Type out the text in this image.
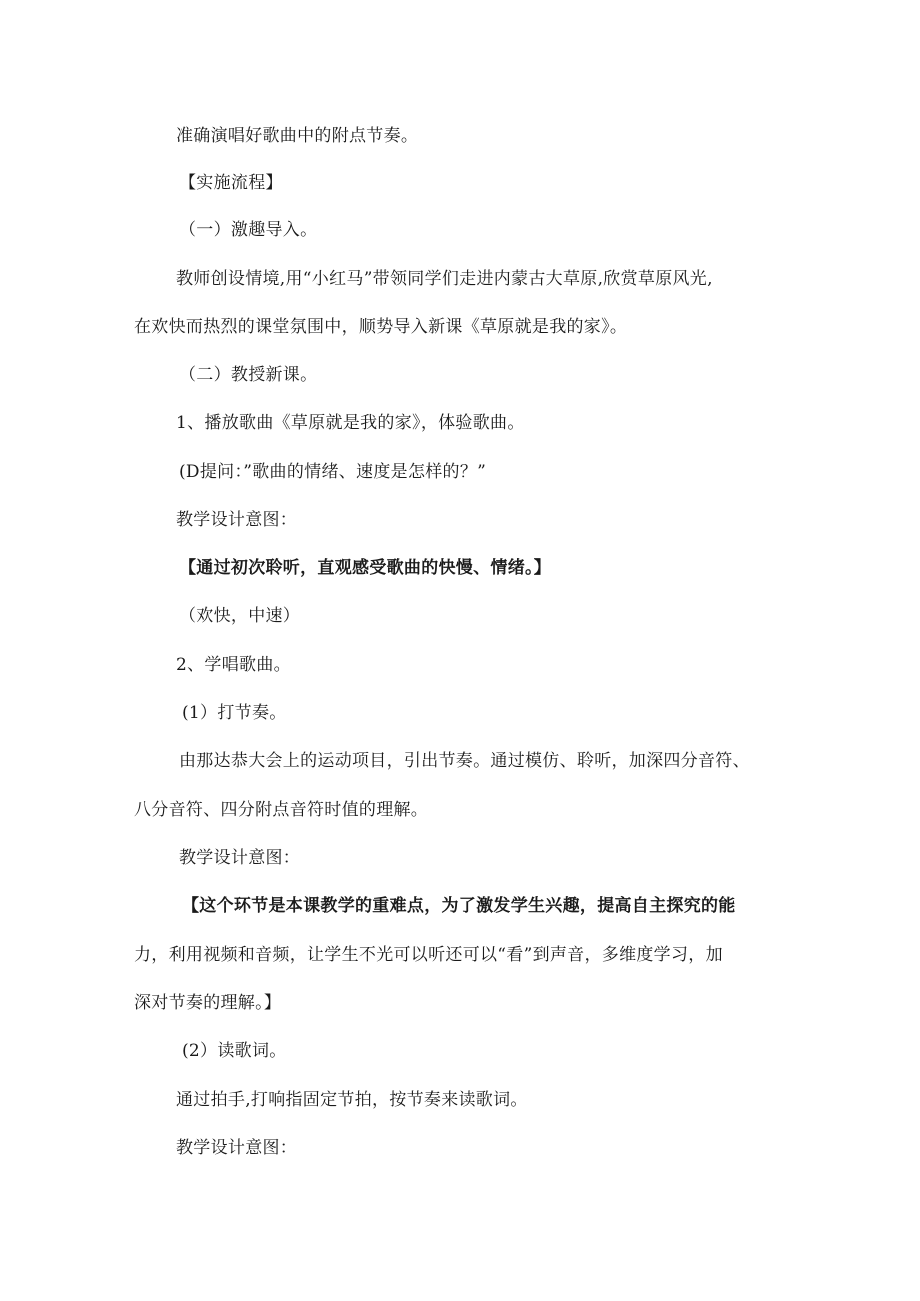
准确演唱好歌曲中的附点节奏。

【实施流程】

（一）激趣导入。

教师创设情境,用“小红马”带领同学们走进内蒙古大草原,欣赏草原风光,

在欢快而热烈的课堂氛围中，顺势导入新课《草原就是我的家》。

（二）教授新课。

1、播放歌曲《草原就是我的家》，体验歌曲。

(D提问：”歌曲的情绪、速度是怎样的？”

教学设计意图：

【通过初次聆听，直观感受歌曲的快慢、情绪。】

（欢快，中速）

2、学唱歌曲。

(1）打节奏。

由那达恭大会上的运动项目，引出节奏。通过模仿、聆听，加深四分音符、

八分音符、四分附点音符时值的理解。

教学设计意图：

【这个环节是本课教学的重难点，为了激发学生兴趣，提高自主探究的能

力，利用视频和音频，让学生不光可以听还可以“看”到声音，多维度学习，加

深对节奏的理解。】

(2）读歌词。

通过拍手,打响指固定节拍，按节奏来读歌词。

教学设计意图：
